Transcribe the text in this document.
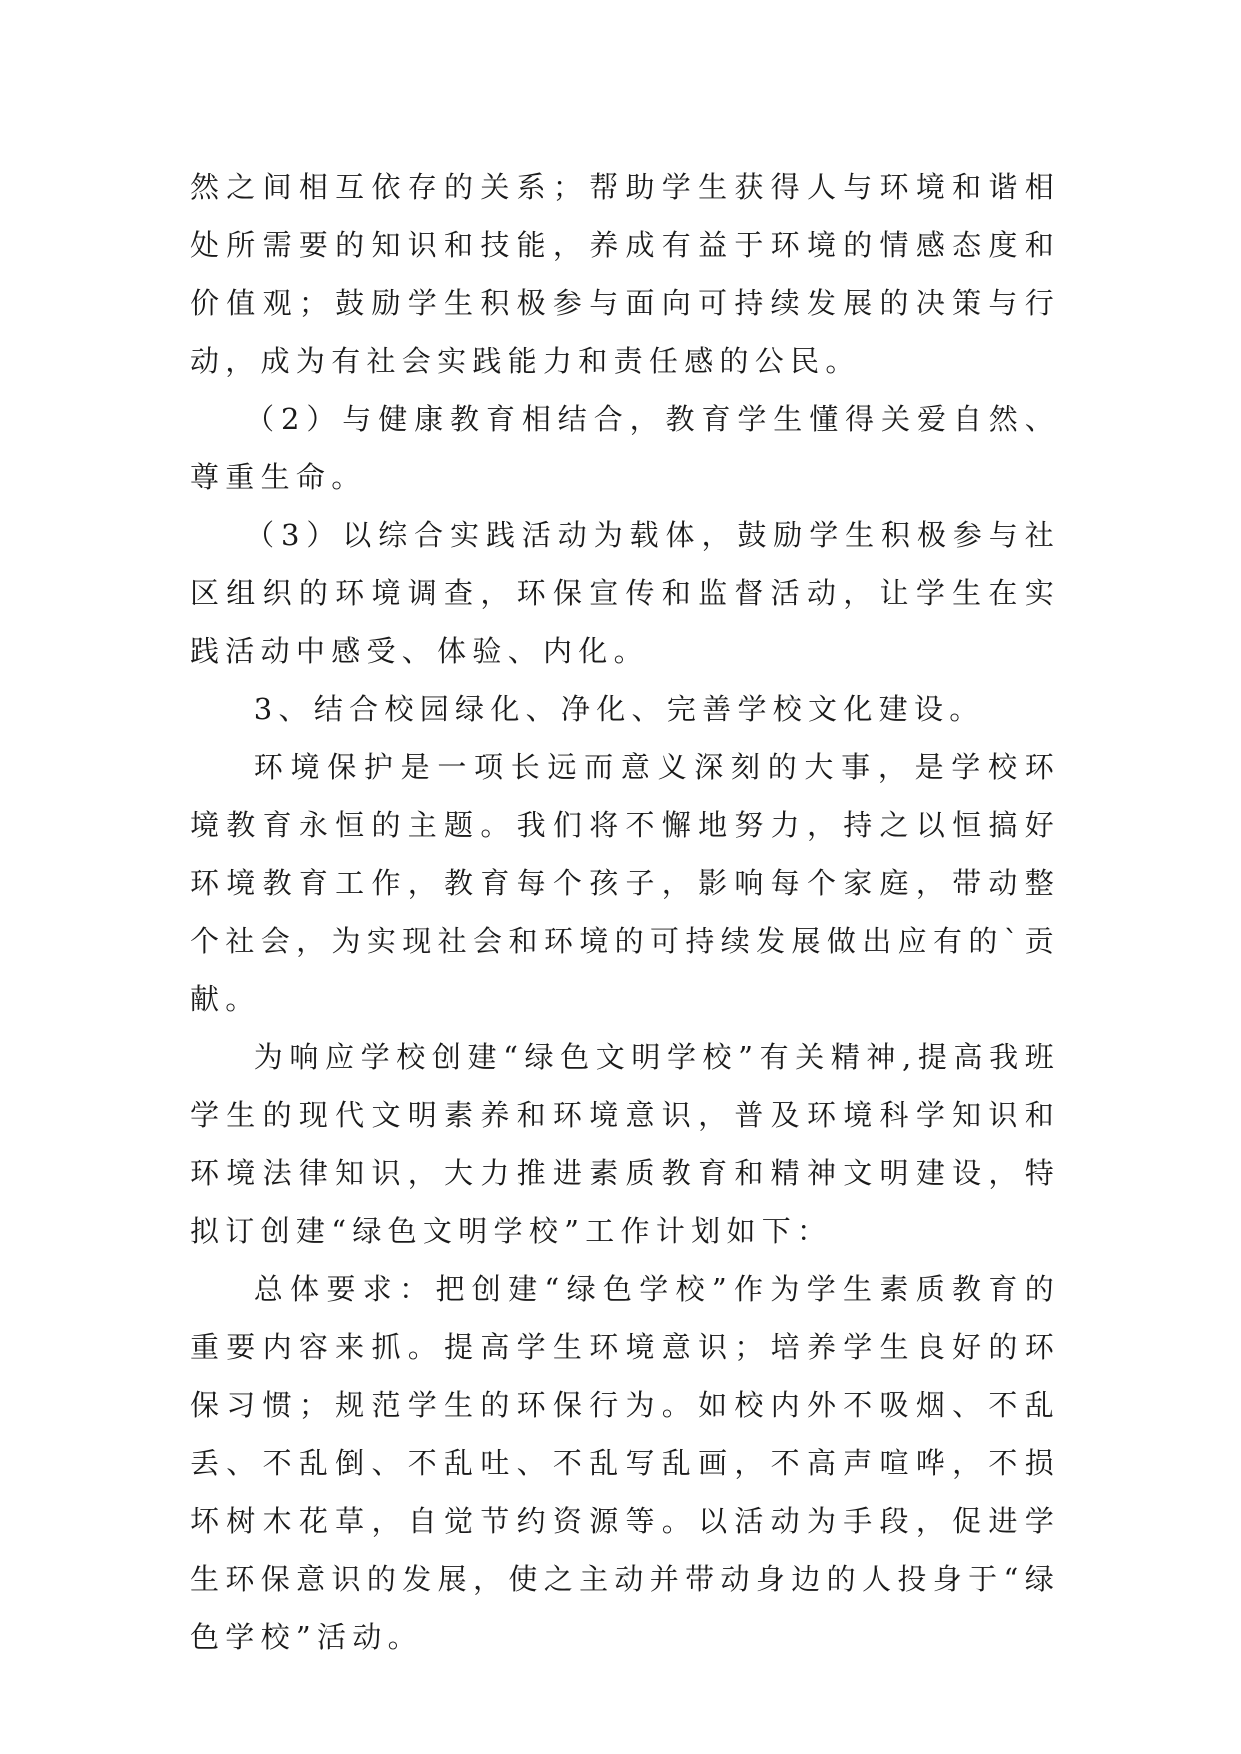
然之间相互依存的关系；帮助学生获得人与环境和谐相处所需要的知识和技能，养成有益于环境的情感态度和价值观；鼓励学生积极参与面向可持续发展的决策与行动，成为有社会实践能力和责任感的公民。

（2）与健康教育相结合，教育学生懂得关爱自然、尊重生命。

（3）以综合实践活动为载体，鼓励学生积极参与社区组织的环境调查，环保宣传和监督活动，让学生在实践活动中感受、体验、内化。

3、结合校园绿化、净化、完善学校文化建设。

环境保护是一项长远而意义深刻的大事，是学校环境教育永恒的主题。我们将不懈地努力，持之以恒搞好环境教育工作，教育每个孩子，影响每个家庭，带动整个社会，为实现社会和环境的可持续发展做出应有的`贡献。

为响应学校创建“绿色文明学校”有关精神,提高我班学生的现代文明素养和环境意识，普及环境科学知识和环境法律知识，大力推进素质教育和精神文明建设，特拟订创建“绿色文明学校”工作计划如下：

总体要求：把创建“绿色学校”作为学生素质教育的重要内容来抓。提高学生环境意识；培养学生良好的环保习惯；规范学生的环保行为。如校内外不吸烟、不乱丢、不乱倒、不乱吐、不乱写乱画，不高声喧哗，不损坏树木花草，自觉节约资源等。以活动为手段，促进学生环保意识的发展，使之主动并带动身边的人投身于“绿色学校”活动。
